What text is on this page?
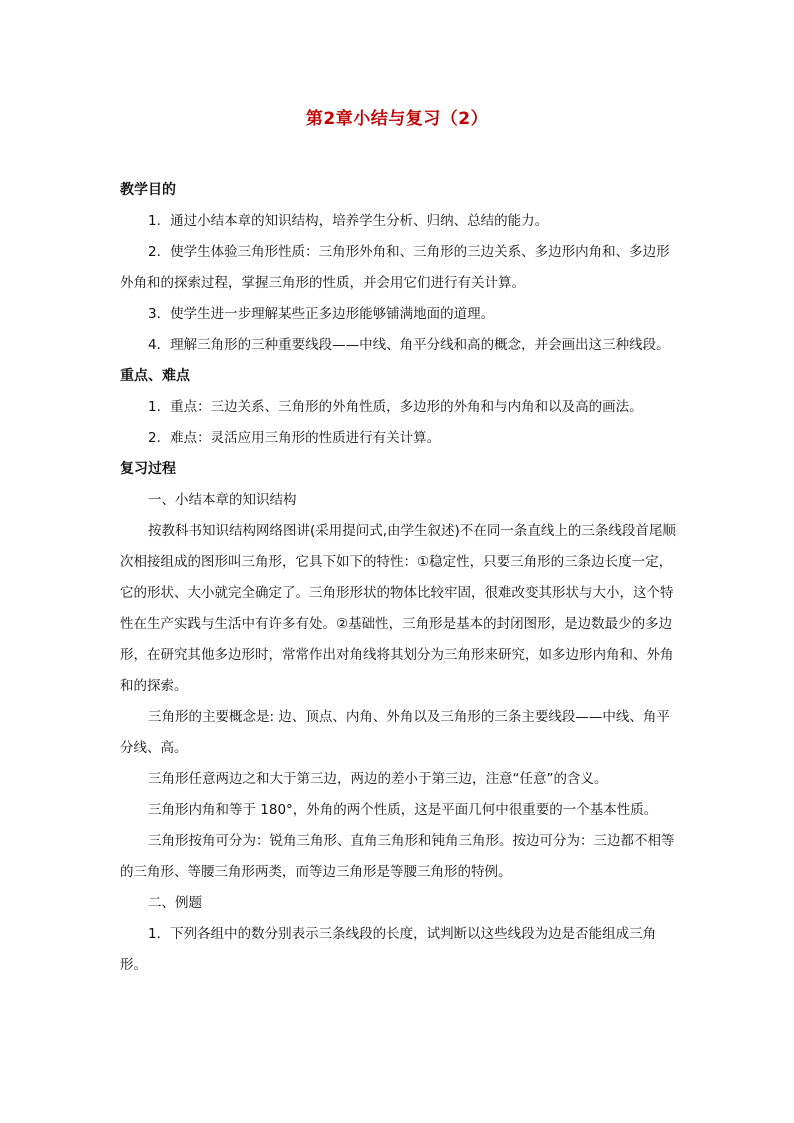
第2章小结与复习（2）

教学目的

1．通过小结本章的知识结构，培养学生分析、归纳、总结的能力。

2．使学生体验三角形性质：三角形外角和、三角形的三边关系、多边形内角和、多边形外角和的探索过程，掌握三角形的性质，并会用它们进行有关计算。

3．使学生进一步理解某些正多边形能够铺满地面的道理。

4．理解三角形的三种重要线段——中线、角平分线和高的概念，并会画出这三种线段。

重点、难点

1．重点：三边关系、三角形的外角性质，多边形的外角和与内角和以及高的画法。

2．难点：灵活应用三角形的性质进行有关计算。

复习过程

一、小结本章的知识结构

按教科书知识结构网络图讲(采用提问式,由学生叙述)不在同一条直线上的三条线段首尾顺次相接组成的图形叫三角形，它具下如下的特性：①稳定性，只要三角形的三条边长度一定，它的形状、大小就完全确定了。三角形形状的物体比较牢固，很难改变其形状与大小，这个特性在生产实践与生活中有许多有处。②基础性，三角形是基本的封闭图形，是边数最少的多边形，在研究其他多边形时，常常作出对角线将其划分为三角形来研究，如多边形内角和、外角和的探索。

三角形的主要概念是: 边、顶点、内角、外角以及三角形的三条主要线段——中线、角平分线、高。

三角形任意两边之和大于第三边，两边的差小于第三边，注意“任意”的含义。

三角形内角和等于 180°，外角的两个性质，这是平面几何中很重要的一个基本性质。

三角形按角可分为：锐角三角形、直角三角形和钝角三角形。按边可分为：三边都不相等的三角形、等腰三角形两类，而等边三角形是等腰三角形的特例。

二、例题

1．下列各组中的数分别表示三条线段的长度，试判断以这些线段为边是否能组成三角形。
